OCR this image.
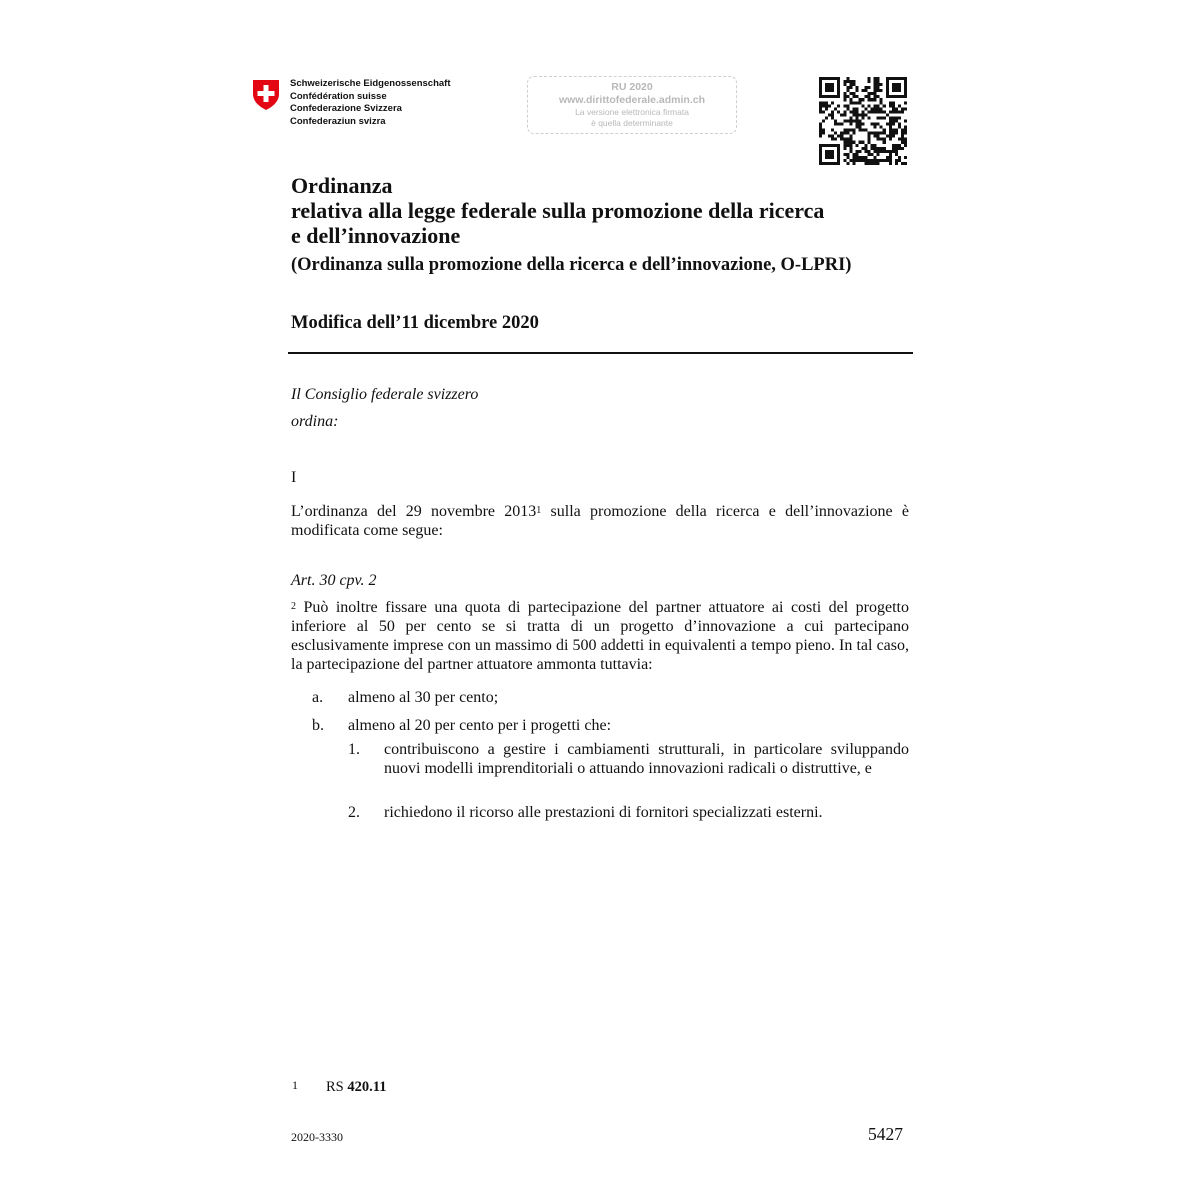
Schweizerische Eidgenossenschaft
Confédération suisse
Confederazione Svizzera
Confederaziun svizra
RU 2020
www.dirittofederale.admin.ch
La versione elettronica firmata
è quella determinante
Ordinanza
relativa alla legge federale sulla promozione della ricerca
e dell’innovazione
(Ordinanza sulla promozione della ricerca e dell’innovazione, O-LPRI)
Modifica dell’11 dicembre 2020
Il Consiglio federale svizzero
ordina:
I
L’ordinanza del 29 novembre 2013$^1$ sulla promozione della ricerca e dell’innovazione è modificata come segue:
Art. 30 cpv. 2
$^2$ Può inoltre fissare una quota di partecipazione del partner attuatore ai costi del progetto inferiore al 50 per cento se si tratta di un progetto d’innovazione a cui partecipano esclusivamente imprese con un massimo di 500 addetti in equivalenti a tempo pieno. In tal caso, la partecipazione del partner attuatore ammonta tuttavia:
a. almeno al 30 per cento;
b. almeno al 20 per cento per i progetti che:
1. contribuiscono a gestire i cambiamenti strutturali, in particolare sviluppando nuovi modelli imprenditoriali o attuando innovazioni radicali o distruttive, e
2. richiedono il ricorso alle prestazioni di fornitori specializzati esterni.
1 RS 420.11
2020-3330	5427
